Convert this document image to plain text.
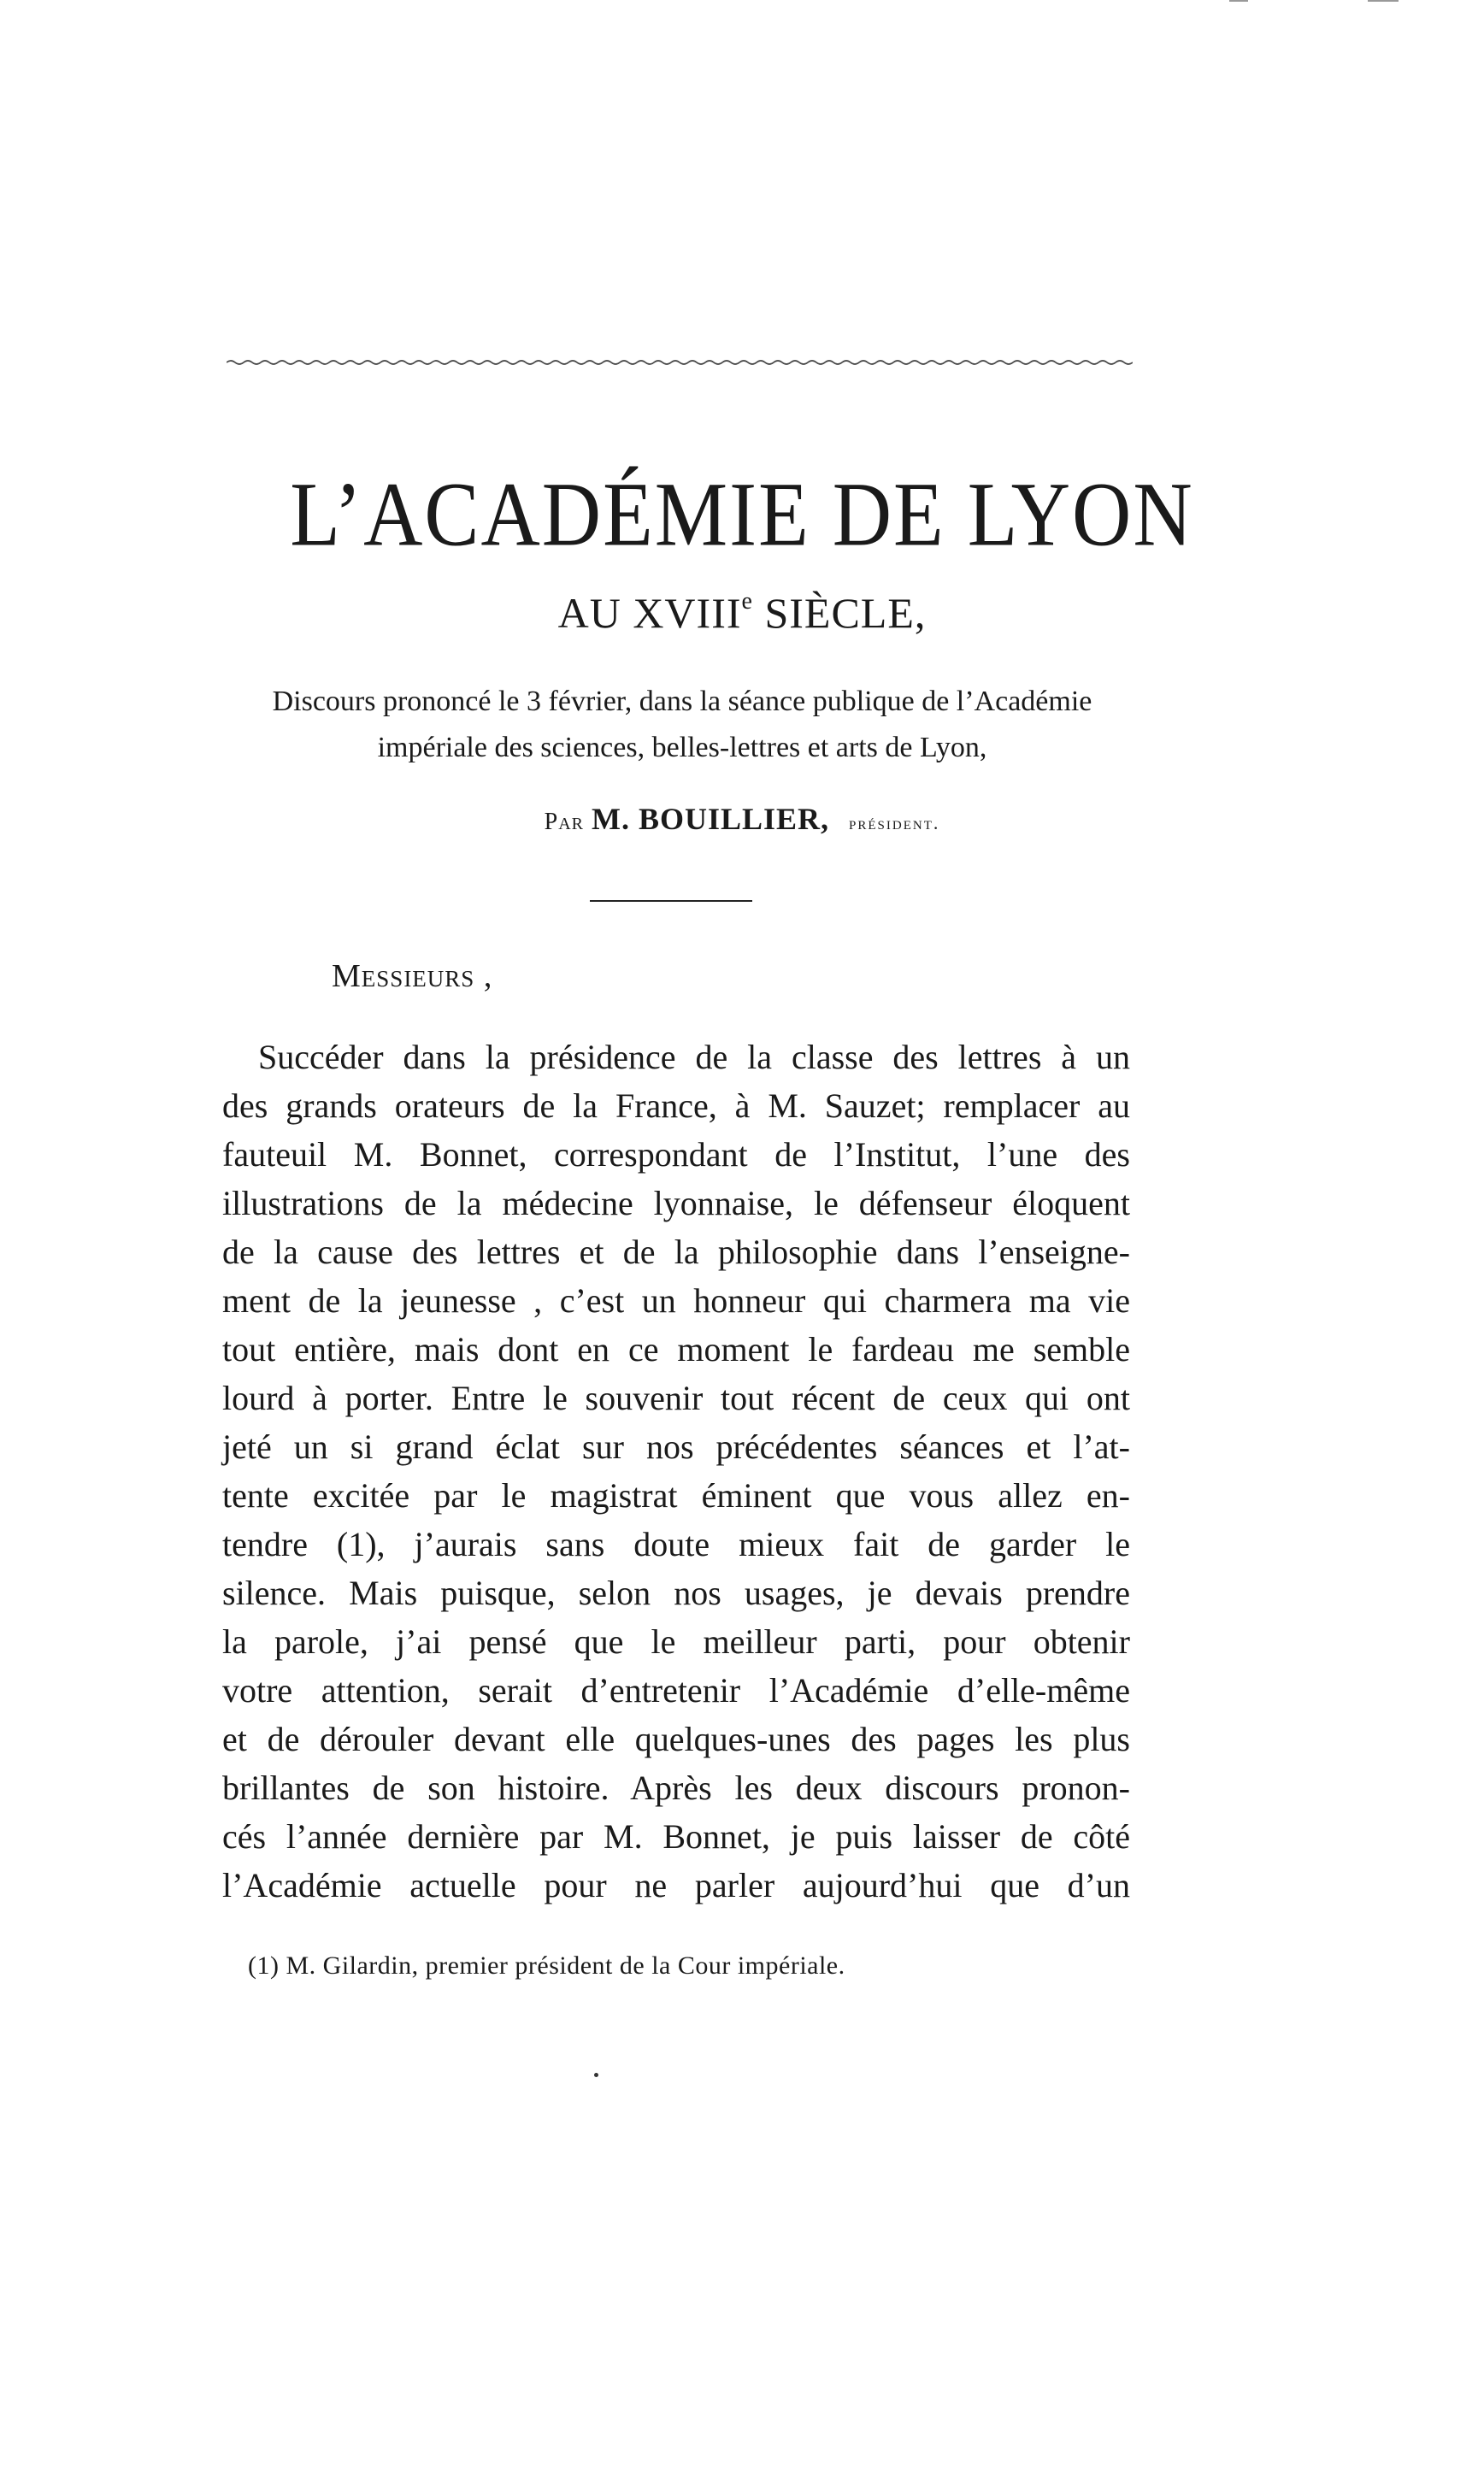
L’ACADÉMIE DE LYON
AU XVIIIe SIÈCLE,
Discours prononcé le 3 février, dans la séance publique de l’Académie
impériale des sciences, belles-lettres et arts de Lyon,
Par M. BOUILLIER, président.

Messieurs ,

Succéder dans la présidence de la classe des lettres à un
des grands orateurs de la France, à M. Sauzet; remplacer au
fauteuil M. Bonnet, correspondant de l’Institut, l’une des
illustrations de la médecine lyonnaise, le défenseur éloquent
de la cause des lettres et de la philosophie dans l’enseigne-
ment de la jeunesse , c’est un honneur qui charmera ma vie
tout entière, mais dont en ce moment le fardeau me semble
lourd à porter. Entre le souvenir tout récent de ceux qui ont
jeté un si grand éclat sur nos précédentes séances et l’at-
tente excitée par le magistrat éminent que vous allez en-
tendre (1), j’aurais sans doute mieux fait de garder le
silence. Mais puisque, selon nos usages, je devais prendre
la parole, j’ai pensé que le meilleur parti, pour obtenir
votre attention, serait d’entretenir l’Académie d’elle-même
et de dérouler devant elle quelques-unes des pages les plus
brillantes de son histoire. Après les deux discours pronon-
cés l’année dernière par M. Bonnet, je puis laisser de côté
l’Académie actuelle pour ne parler aujourd’hui que d’un

(1) M. Gilardin, premier président de la Cour impériale.
